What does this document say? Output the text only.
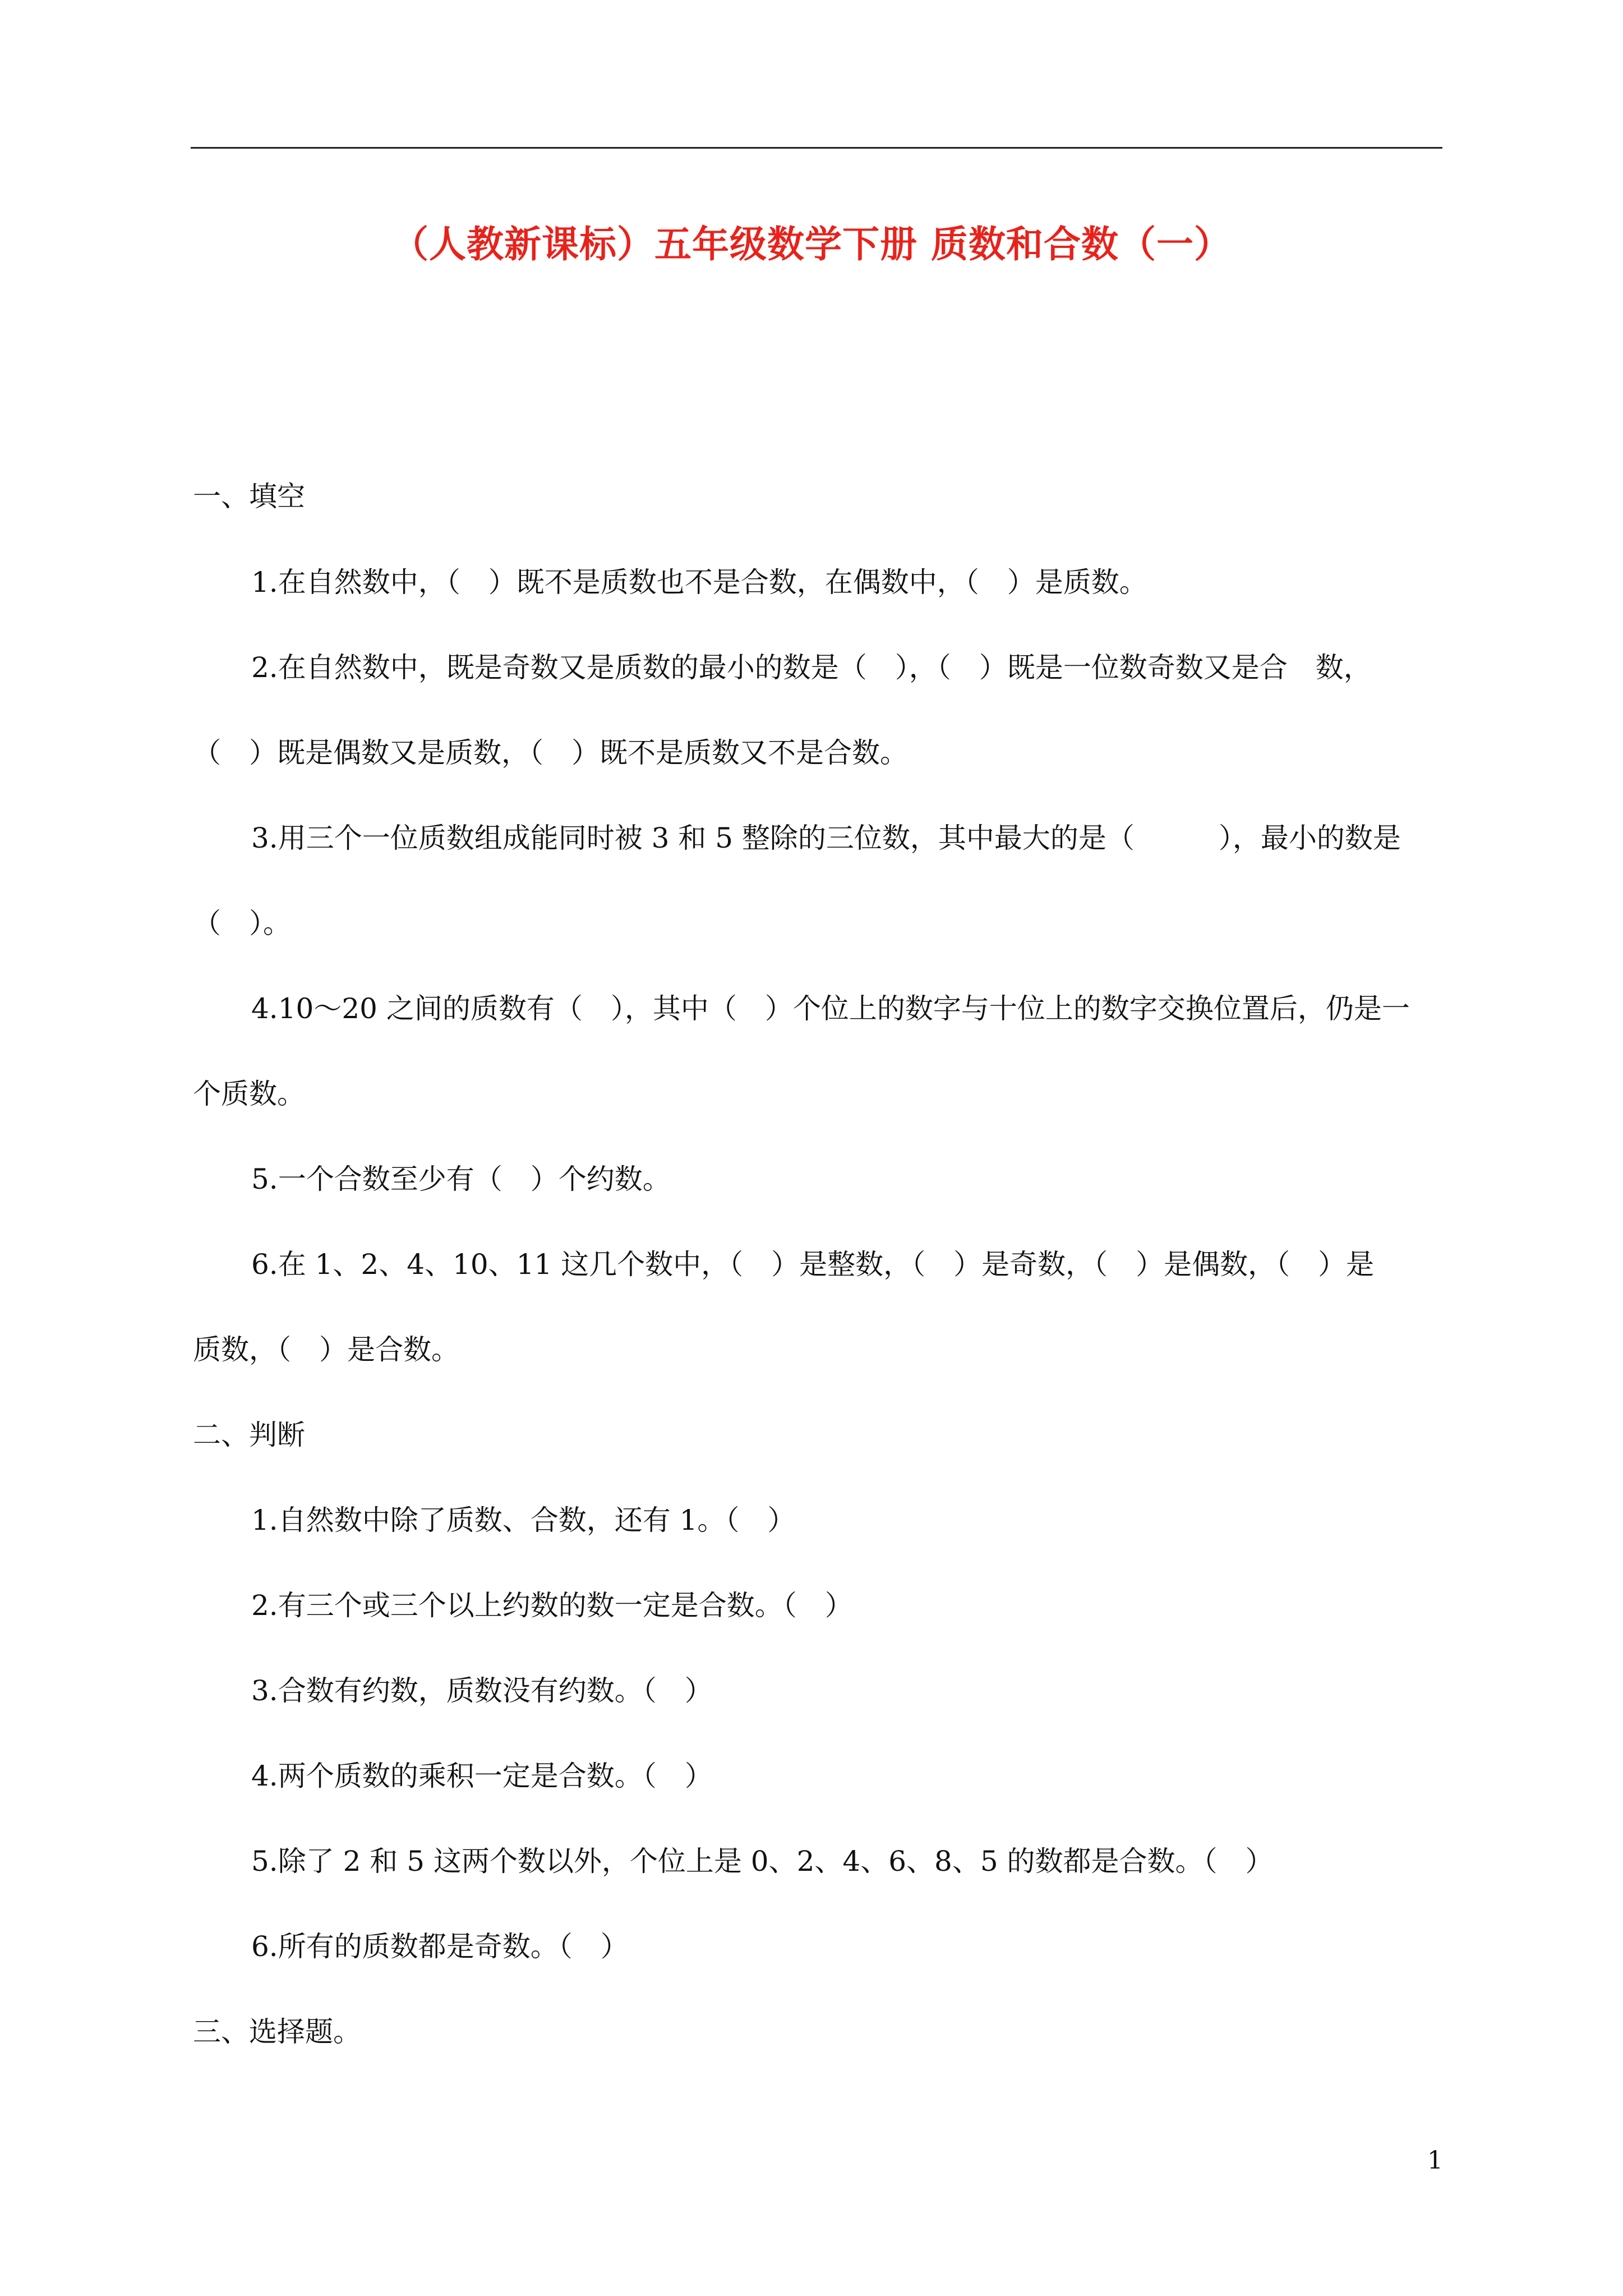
（人教新课标）五年级数学下册 质数和合数（一）
一、填空
1.在自然数中，（　）既不是质数也不是合数，在偶数中，（　）是质数。
2.在自然数中，既是奇数又是质数的最小的数是（　），（　）既是一位数奇数又是合　数，
（　）既是偶数又是质数，（　）既不是质数又不是合数。
3.用三个一位质数组成能同时被 3 和 5 整除的三位数，其中最大的是（　　　），最小的数是
（　）。
4.10～20 之间的质数有（　），其中（　）个位上的数字与十位上的数字交换位置后，仍是一
个质数。
5.一个合数至少有（　）个约数。
6.在 1、2、4、10、11 这几个数中，（　）是整数，（　）是奇数，（　）是偶数，（　）是
质数，（　）是合数。
二、判断
1.自然数中除了质数、合数，还有 1。（　）
2.有三个或三个以上约数的数一定是合数。（　）
3.合数有约数，质数没有约数。（　）
4.两个质数的乘积一定是合数。（　）
5.除了 2 和 5 这两个数以外，个位上是 0、2、4、6、8、5 的数都是合数。（　）
6.所有的质数都是奇数。（　）
三、选择题。
1
